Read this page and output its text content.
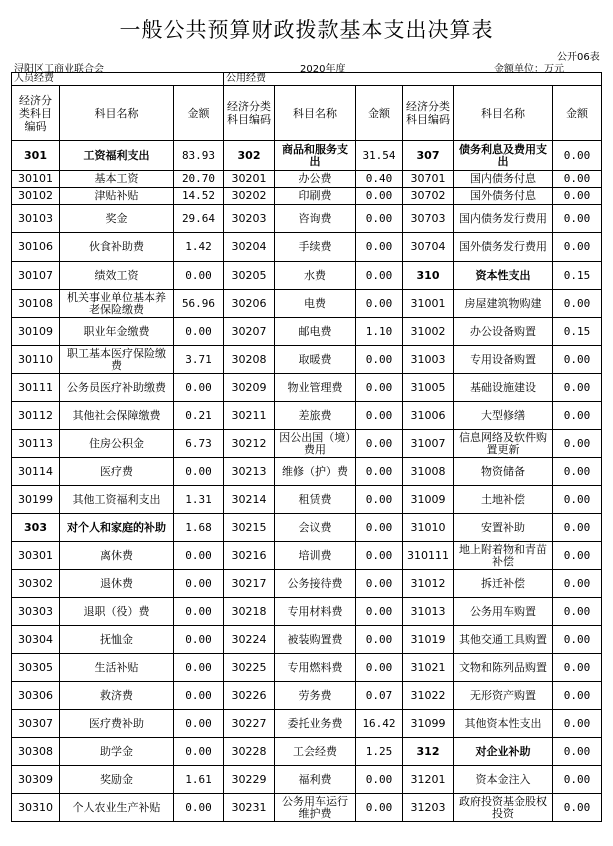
一般公共预算财政拨款基本支出决算表
公开06表
浔阳区工商业联合会	2020年度	金额单位：万元
人员经费			公用经费					
经济分类科目编码	科目名称	金额	经济分类科目编码	科目名称	金额	经济分类科目编码	科目名称	金额
301	工资福利支出	83.93	302	商品和服务支出	31.54	307	债务利息及费用支出	0.00
30101	基本工资	20.70	30201	办公费	0.40	30701	国内债务付息	0.00
30102	津贴补贴	14.52	30202	印刷费	0.00	30702	国外债务付息	0.00
30103	奖金	29.64	30203	咨询费	0.00	30703	国内债务发行费用	0.00
30106	伙食补助费	1.42	30204	手续费	0.00	30704	国外债务发行费用	0.00
30107	绩效工资	0.00	30205	水费	0.00	310	资本性支出	0.15
30108	机关事业单位基本养老保险缴费	56.96	30206	电费	0.00	31001	房屋建筑物购建	0.00
30109	职业年金缴费	0.00	30207	邮电费	1.10	31002	办公设备购置	0.15
30110	职工基本医疗保险缴费	3.71	30208	取暖费	0.00	31003	专用设备购置	0.00
30111	公务员医疗补助缴费	0.00	30209	物业管理费	0.00	31005	基础设施建设	0.00
30112	其他社会保障缴费	0.21	30211	差旅费	0.00	31006	大型修缮	0.00
30113	住房公积金	6.73	30212	因公出国（境）费用	0.00	31007	信息网络及软件购置更新	0.00
30114	医疗费	0.00	30213	维修（护）费	0.00	31008	物资储备	0.00
30199	其他工资福利支出	1.31	30214	租赁费	0.00	31009	土地补偿	0.00
303	对个人和家庭的补助	1.68	30215	会议费	0.00	31010	安置补助	0.00
30301	离休费	0.00	30216	培训费	0.00	310111	地上附着物和青苗补偿	0.00
30302	退休费	0.00	30217	公务接待费	0.00	31012	拆迁补偿	0.00
30303	退职（役）费	0.00	30218	专用材料费	0.00	31013	公务用车购置	0.00
30304	抚恤金	0.00	30224	被装购置费	0.00	31019	其他交通工具购置	0.00
30305	生活补贴	0.00	30225	专用燃料费	0.00	31021	文物和陈列品购置	0.00
30306	救济费	0.00	30226	劳务费	0.07	31022	无形资产购置	0.00
30307	医疗费补助	0.00	30227	委托业务费	16.42	31099	其他资本性支出	0.00
30308	助学金	0.00	30228	工会经费	1.25	312	对企业补助	0.00
30309	奖励金	1.61	30229	福利费	0.00	31201	资本金注入	0.00
30310	个人农业生产补贴	0.00	30231	公务用车运行维护费	0.00	31203	政府投资基金股权投资	0.00
